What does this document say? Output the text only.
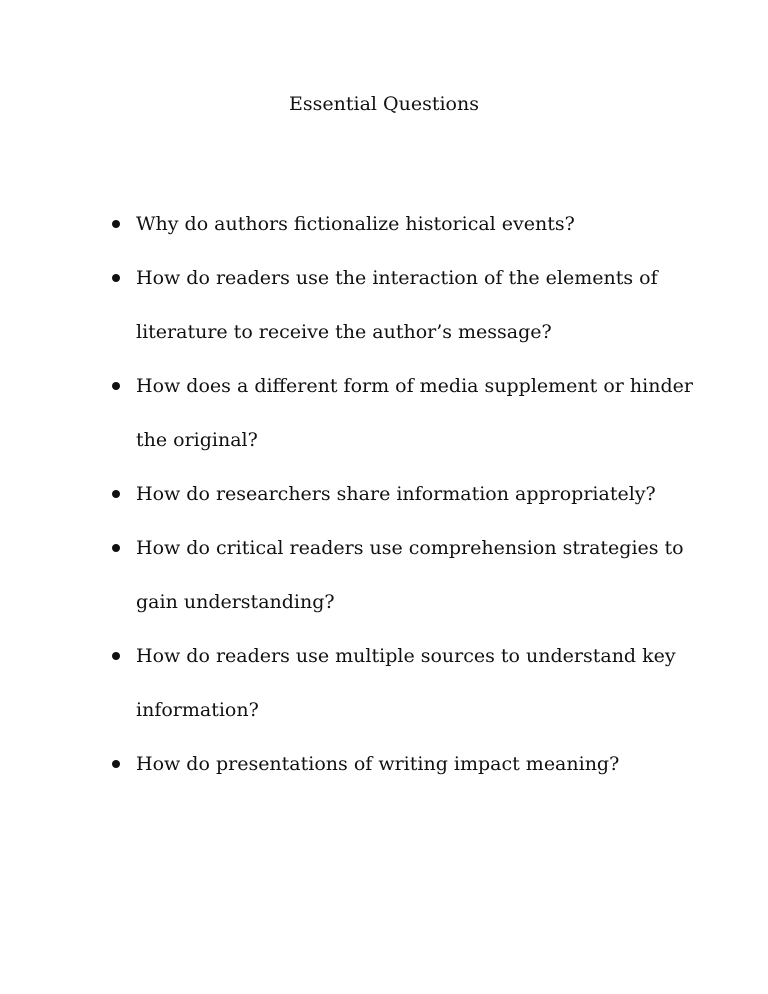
Essential Questions
Why do authors fictionalize historical events?
How do readers use the interaction of the elements of literature to receive the author’s message?
How does a different form of media supplement or hinder the original?
How do researchers share information appropriately?
How do critical readers use comprehension strategies to gain understanding?
How do readers use multiple sources to understand key information?
How do presentations of writing impact meaning?
